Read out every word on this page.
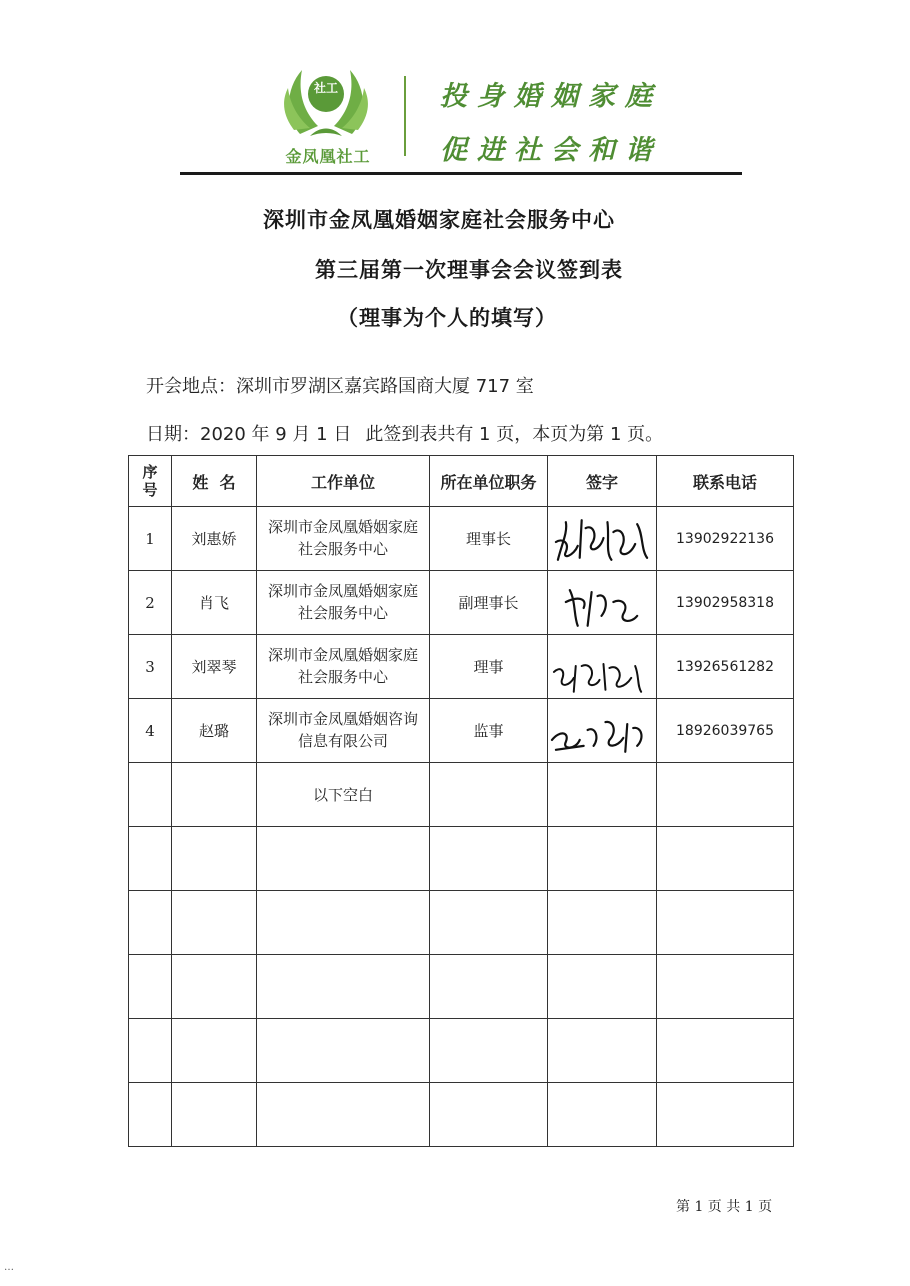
社工
金凤凰社工
投身婚姻家庭
促进社会和谐
深圳市金凤凰婚姻家庭社会服务中心
第三届第一次理事会会议签到表
（理事为个人的填写）
开会地点：深圳市罗湖区嘉宾路国商大厦 717 室
日期：2020 年 9 月 1 日 此签到表共有 1 页，本页为第 1 页。
序号	姓  名	工作单位	所在单位职务	签字	联系电话
1	刘惠娇	深圳市金凤凰婚姻家庭社会服务中心	理事长		13902922136
2	肖飞	深圳市金凤凰婚姻家庭社会服务中心	副理事长		13902958318
3	刘翠琴	深圳市金凤凰婚姻家庭社会服务中心	理事		13926561282
4	赵璐	深圳市金凤凰婚姻咨询信息有限公司	监事		18926039765
		以下空白			

第 1 页 共 1 页
…
